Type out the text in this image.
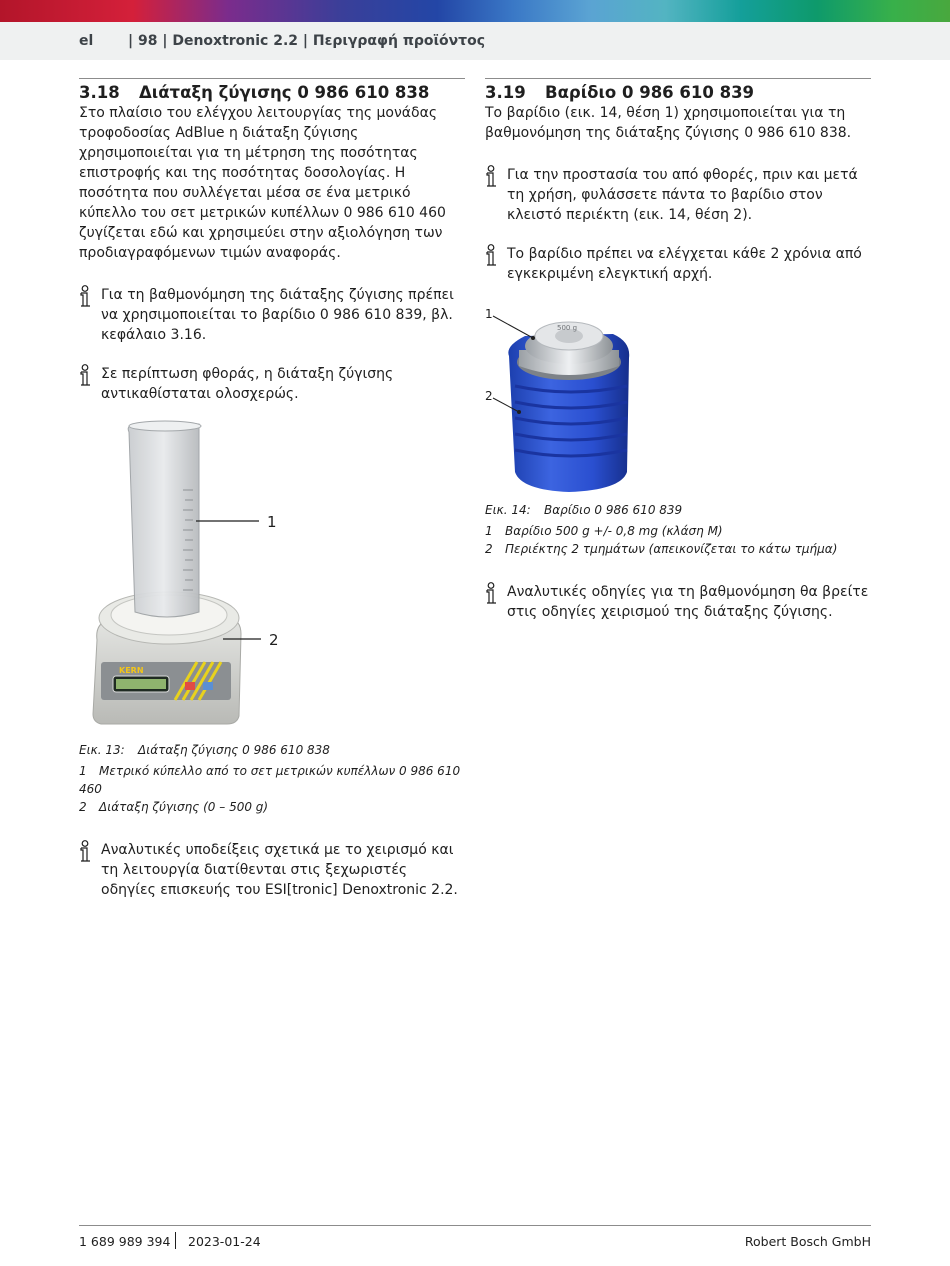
el | 98 | Denoxtronic 2.2 | Περιγραφή προϊόντος
3.18 Διάταξη ζύγισης 0 986 610 838

Στο πλαίσιο του ελέγχου λειτουργίας της μονάδας τροφοδοσίας AdBlue η διάταξη ζύγισης χρησιμοποιείται για τη μέτρηση της ποσότητας επιστροφής και της ποσότητας δοσολογίας. Η ποσότητα που συλλέγεται μέσα σε ένα μετρικό κύπελλο του σετ μετρικών κυπέλλων 0 986 610 460 ζυγίζεται εδώ και χρησιμεύει στην αξιολόγηση των προδιαγραφόμενων τιμών αναφοράς.

Για τη βαθμονόμηση της διάταξης ζύγισης πρέπει να χρησιμοποιείται το βαρίδιο 0 986 610 839, βλ. κεφάλαιο 3.16.
Σε περίπτωση φθοράς, η διάταξη ζύγισης αντικαθίσταται ολοσχερώς.
KERN
1
2
Εικ. 13: Διάταξη ζύγισης 0 986 610 838
1 Μετρικό κύπελλο από το σετ μετρικών κυπέλλων 0 986 610 460
2 Διάταξη ζύγισης (0 – 500 g)
Αναλυτικές υποδείξεις σχετικά με το χειρισμό και τη λειτουργία διατίθενται στις ξεχωριστές οδηγίες επισκευής του ESI[tronic] Denoxtronic 2.2.
3.19 Βαρίδιο 0 986 610 839

Το βαρίδιο (εικ. 14, θέση 1) χρησιμοποιείται για τη βαθμονόμηση της διάταξης ζύγισης 0 986 610 838.

Για την προστασία του από φθορές, πριν και μετά τη χρήση, φυλάσσετε πάντα το βαρίδιο στον κλειστό περιέκτη (εικ. 14, θέση 2).
Το βαρίδιο πρέπει να ελέγχεται κάθε 2 χρόνια από εγκεκριμένη ελεγκτική αρχή.
500 g
1
2
Εικ. 14: Βαρίδιο 0 986 610 839
1 Βαρίδιο 500 g +/- 0,8 mg (κλάση M)
2 Περιέκτης 2 τμημάτων (απεικονίζεται το κάτω τμήμα)
Αναλυτικές οδηγίες για τη βαθμονόμηση θα βρείτε στις οδηγίες χειρισμού της διάταξης ζύγισης.
1 689 989 394 2023-01-24	Robert Bosch GmbH
